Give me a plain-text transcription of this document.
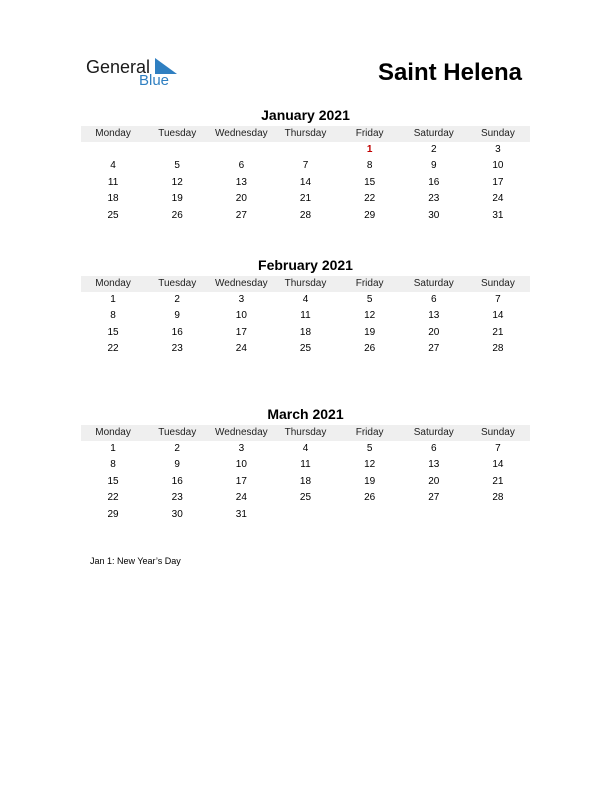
General
Blue	Saint Helena
January 2021
Monday	Tuesday	Wednesday	Thursday	Friday	Saturday	Sunday
				1	2	3
4	5	6	7	8	9	10
11	12	13	14	15	16	17
18	19	20	21	22	23	24
25	26	27	28	29	30	31
February 2021
Monday	Tuesday	Wednesday	Thursday	Friday	Saturday	Sunday
1	2	3	4	5	6	7
8	9	10	11	12	13	14
15	16	17	18	19	20	21
22	23	24	25	26	27	28
March 2021
Monday	Tuesday	Wednesday	Thursday	Friday	Saturday	Sunday
1	2	3	4	5	6	7
8	9	10	11	12	13	14
15	16	17	18	19	20	21
22	23	24	25	26	27	28
29	30	31				
Jan 1: New Year’s Day
